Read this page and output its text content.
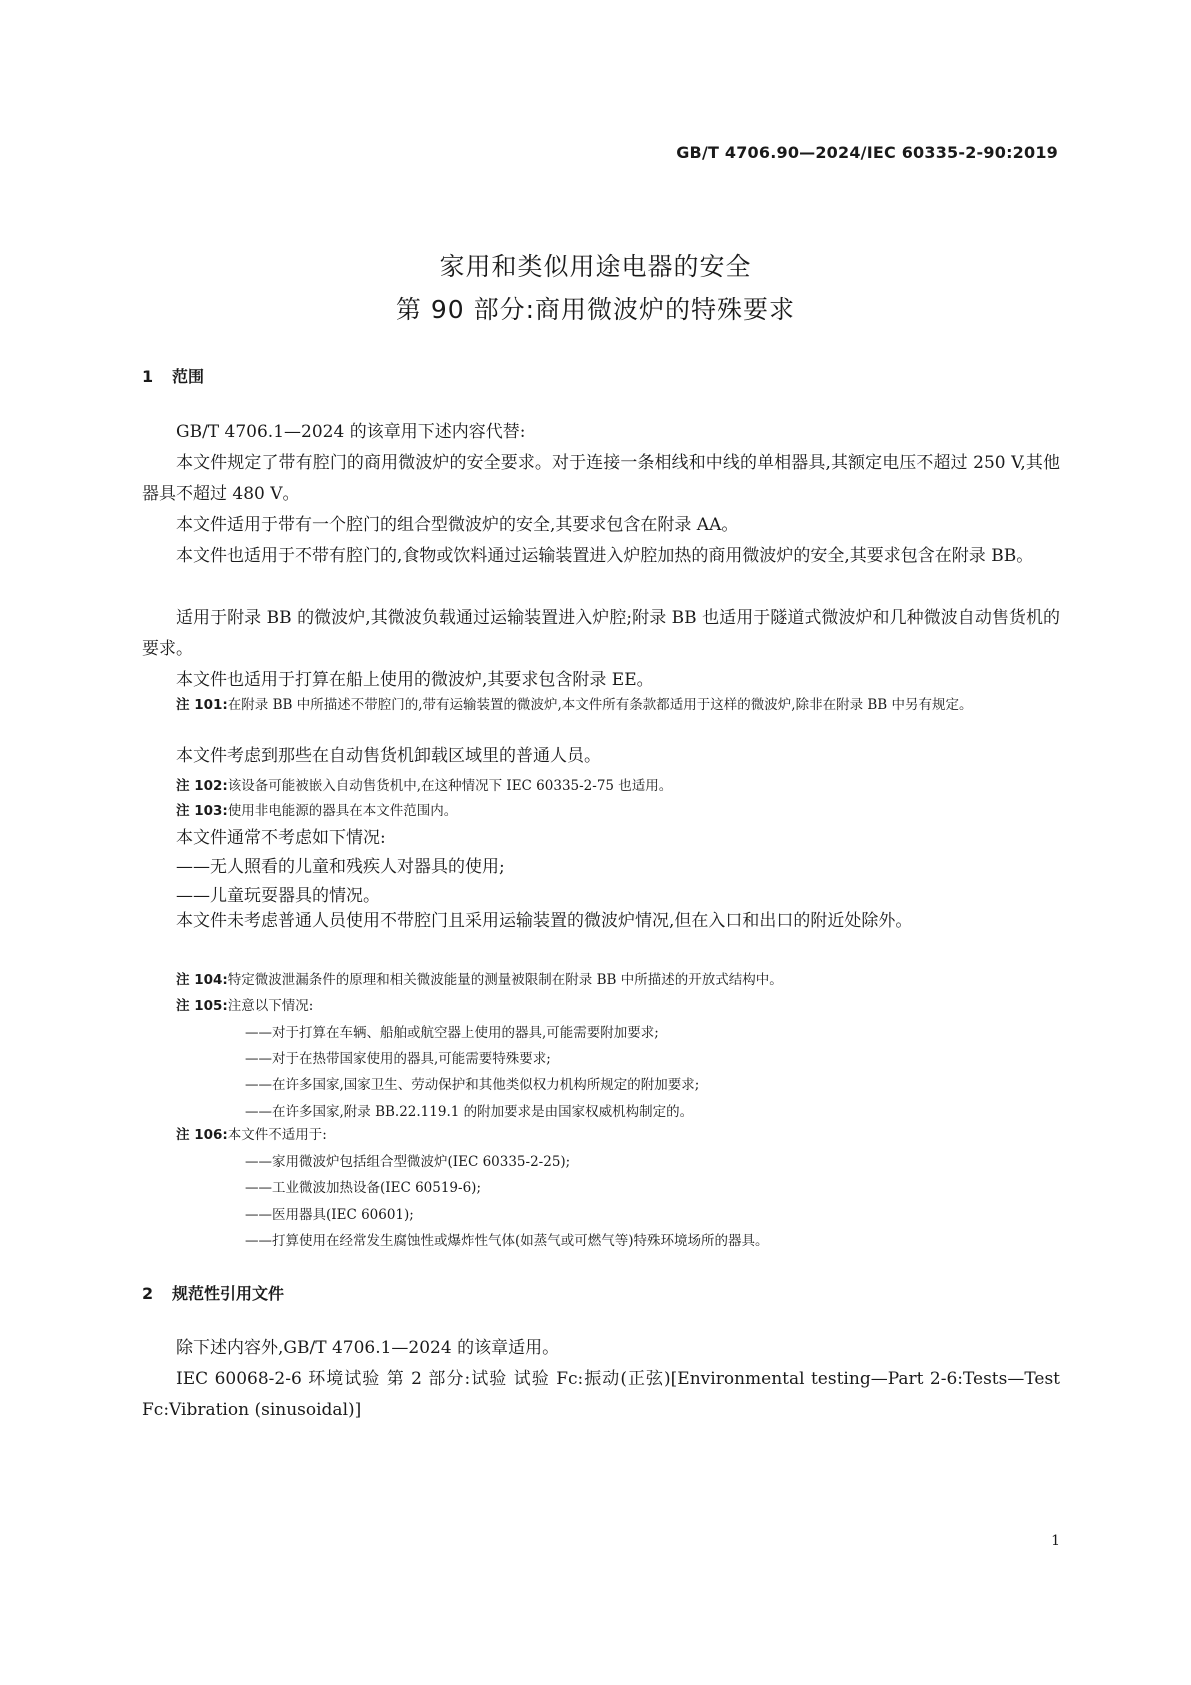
GB/T 4706.90—2024/IEC 60335-2-90:2019
家用和类似用途电器的安全
第 90 部分:商用微波炉的特殊要求
1 范围
GB/T 4706.1—2024 的该章用下述内容代替:
本文件规定了带有腔门的商用微波炉的安全要求。对于连接一条相线和中线的单相器具,其额定电压不超过 250 V,其他器具不超过 480 V。
本文件适用于带有一个腔门的组合型微波炉的安全,其要求包含在附录 AA。
本文件也适用于不带有腔门的,食物或饮料通过运输装置进入炉腔加热的商用微波炉的安全,其要求包含在附录 BB。
适用于附录 BB 的微波炉,其微波负载通过运输装置进入炉腔;附录 BB 也适用于隧道式微波炉和几种微波自动售货机的要求。
本文件也适用于打算在船上使用的微波炉,其要求包含附录 EE。
注 101:在附录 BB 中所描述不带腔门的,带有运输装置的微波炉,本文件所有条款都适用于这样的微波炉,除非在附录 BB 中另有规定。
本文件考虑到那些在自动售货机卸载区域里的普通人员。
注 102:该设备可能被嵌入自动售货机中,在这种情况下 IEC 60335-2-75 也适用。
注 103:使用非电能源的器具在本文件范围内。
本文件通常不考虑如下情况:
——无人照看的儿童和残疾人对器具的使用;
——儿童玩耍器具的情况。
本文件未考虑普通人员使用不带腔门且采用运输装置的微波炉情况,但在入口和出口的附近处除外。
注 104:特定微波泄漏条件的原理和相关微波能量的测量被限制在附录 BB 中所描述的开放式结构中。
注 105:注意以下情况:
——对于打算在车辆、船舶或航空器上使用的器具,可能需要附加要求;
——对于在热带国家使用的器具,可能需要特殊要求;
——在许多国家,国家卫生、劳动保护和其他类似权力机构所规定的附加要求;
——在许多国家,附录 BB.22.119.1 的附加要求是由国家权威机构制定的。
注 106:本文件不适用于:
——家用微波炉包括组合型微波炉(IEC 60335-2-25);
——工业微波加热设备(IEC 60519-6);
——医用器具(IEC 60601);
——打算使用在经常发生腐蚀性或爆炸性气体(如蒸气或可燃气等)特殊环境场所的器具。
2 规范性引用文件
除下述内容外,GB/T 4706.1—2024 的该章适用。
IEC 60068-2-6 环境试验 第 2 部分:试验 试验 Fc:振动(正弦)[Environmental testing—Part 2-6:Tests—Test Fc:Vibration (sinusoidal)]
1
